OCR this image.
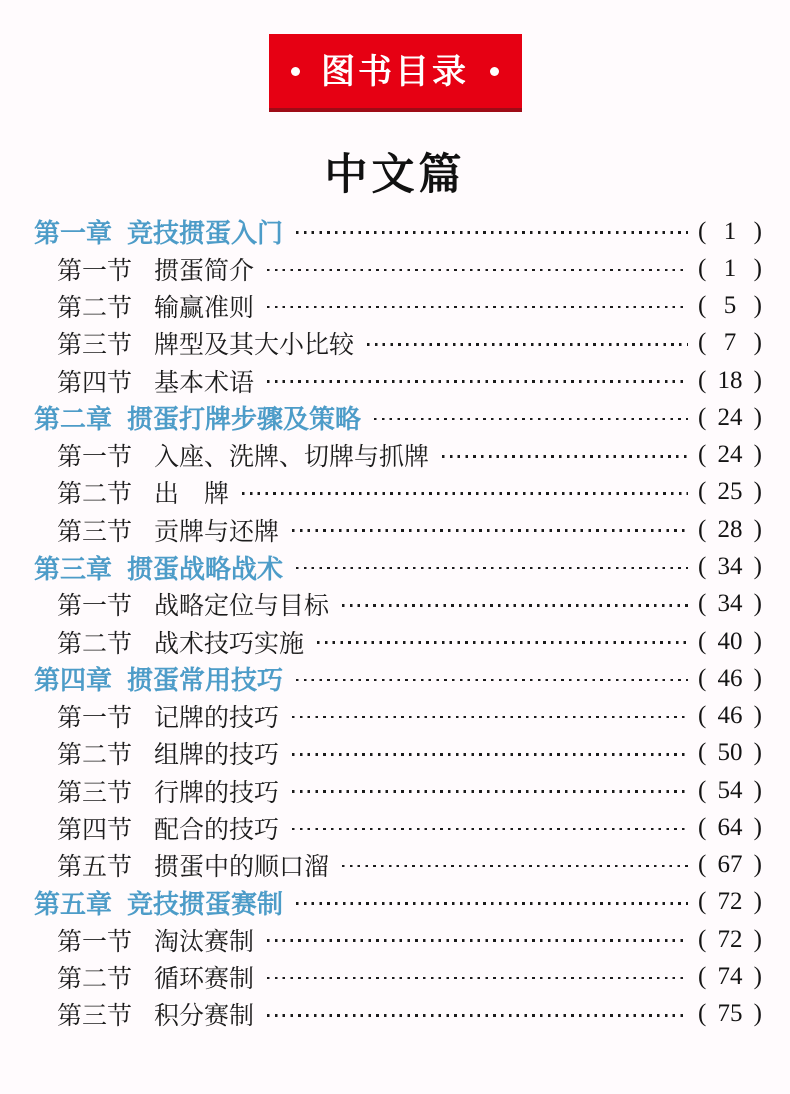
图书目录
中文篇
第一章 竞技掼蛋入门	( 1 )
第一节 掼蛋简介	( 1 )
第二节 输赢准则	( 5 )
第三节 牌型及其大小比较	( 7 )
第四节 基本术语	( 18 )
第二章 掼蛋打牌步骤及策略	( 24 )
第一节 入座、洗牌、切牌与抓牌	( 24 )
第二节 出　牌	( 25 )
第三节 贡牌与还牌	( 28 )
第三章 掼蛋战略战术	( 34 )
第一节 战略定位与目标	( 34 )
第二节 战术技巧实施	( 40 )
第四章 掼蛋常用技巧	( 46 )
第一节 记牌的技巧	( 46 )
第二节 组牌的技巧	( 50 )
第三节 行牌的技巧	( 54 )
第四节 配合的技巧	( 64 )
第五节 掼蛋中的顺口溜	( 67 )
第五章 竞技掼蛋赛制	( 72 )
第一节 淘汰赛制	( 72 )
第二节 循环赛制	( 74 )
第三节 积分赛制	( 75 )
